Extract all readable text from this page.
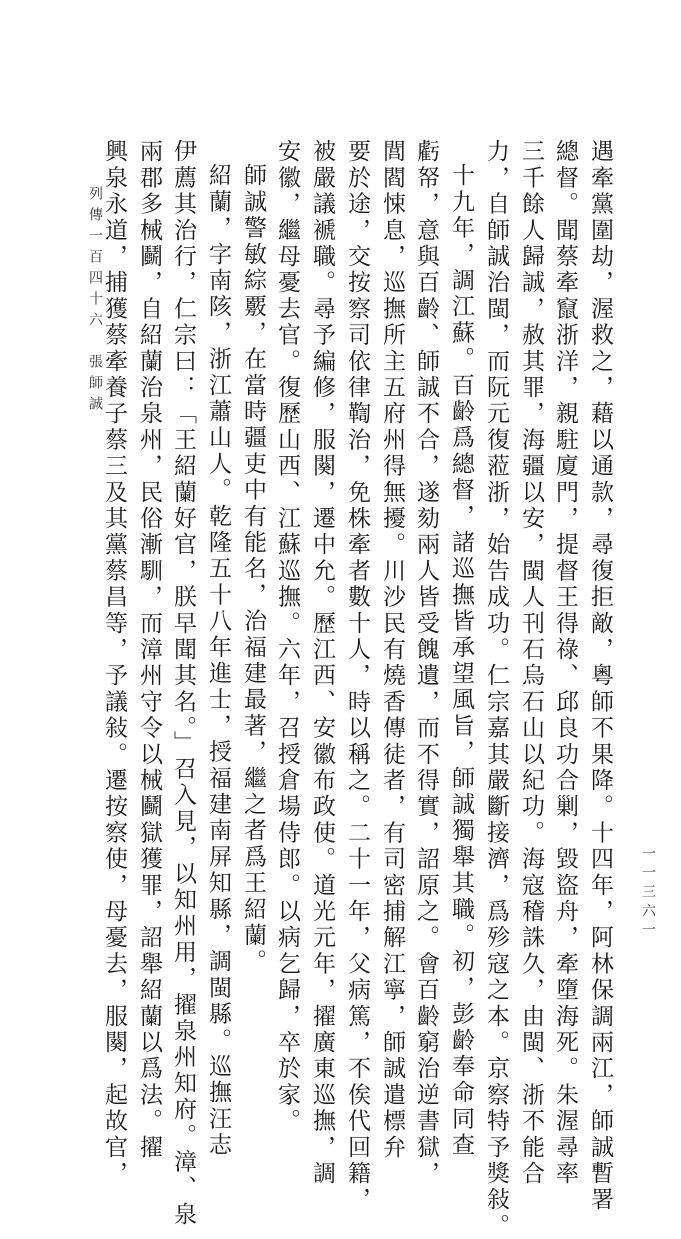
列傳一百四十六　張師誠	遇牽黨圍劫，渥救之，藉以通款，尋復拒敵，粵師不果降。十四年，阿林保調兩江，師誠暫署
總督。聞蔡牽竄浙洋，親駐廈門，提督王得祿、邱良功合剿，毀盜舟，牽墮海死。朱渥尋率
三千餘人歸誠，赦其罪，海疆以安，閩人刊石烏石山以紀功。海寇稽誅久，由閩、浙不能合
力，自師誠治閩，而阮元復蒞浙，始告成功。仁宗嘉其嚴斷接濟，爲殄寇之本。京察特予獎敍。
十九年，調江蘇。百齡爲總督，諸巡撫皆承望風旨，師誠獨舉其職。初，彭齡奉命同查
虧帑，意與百齡、師誠不合，遂劾兩人皆受餽遺，而不得實，詔原之。會百齡窮治逆書獄，
閭閻悚息，巡撫所主五府州得無擾。川沙民有燒香傳徒者，有司密捕解江寧，師誠遣標弁
要於途，交按察司依律鞫治，免株牽者數十人，時以稱之。二十一年，父病篤，不俟代回籍，
被嚴議褫職。尋予編修，服闋，遷中允。歷江西、安徽布政使。道光元年，擢廣東巡撫，調
安徽，繼母憂去官。復歷山西、江蘇巡撫。六年，召授倉場侍郎。以病乞歸，卒於家。
師誠警敏綜覈，在當時疆吏中有能名，治福建最著，繼之者爲王紹蘭。
紹蘭，字南陔，浙江蕭山人。乾隆五十八年進士，授福建南屏知縣，調閩縣。巡撫汪志
伊薦其治行，仁宗曰：「王紹蘭好官，朕早聞其名。」召入見，以知州用，擢泉州知府。漳、泉
兩郡多械鬬，自紹蘭治泉州，民俗漸馴，而漳州守令以械鬬獄獲罪，詔舉紹蘭以爲法。擢
興泉永道，捕獲蔡牽養子蔡三及其黨蔡昌等，予議敍。遷按察使，母憂去，服闋，起故官，	一一三六一
